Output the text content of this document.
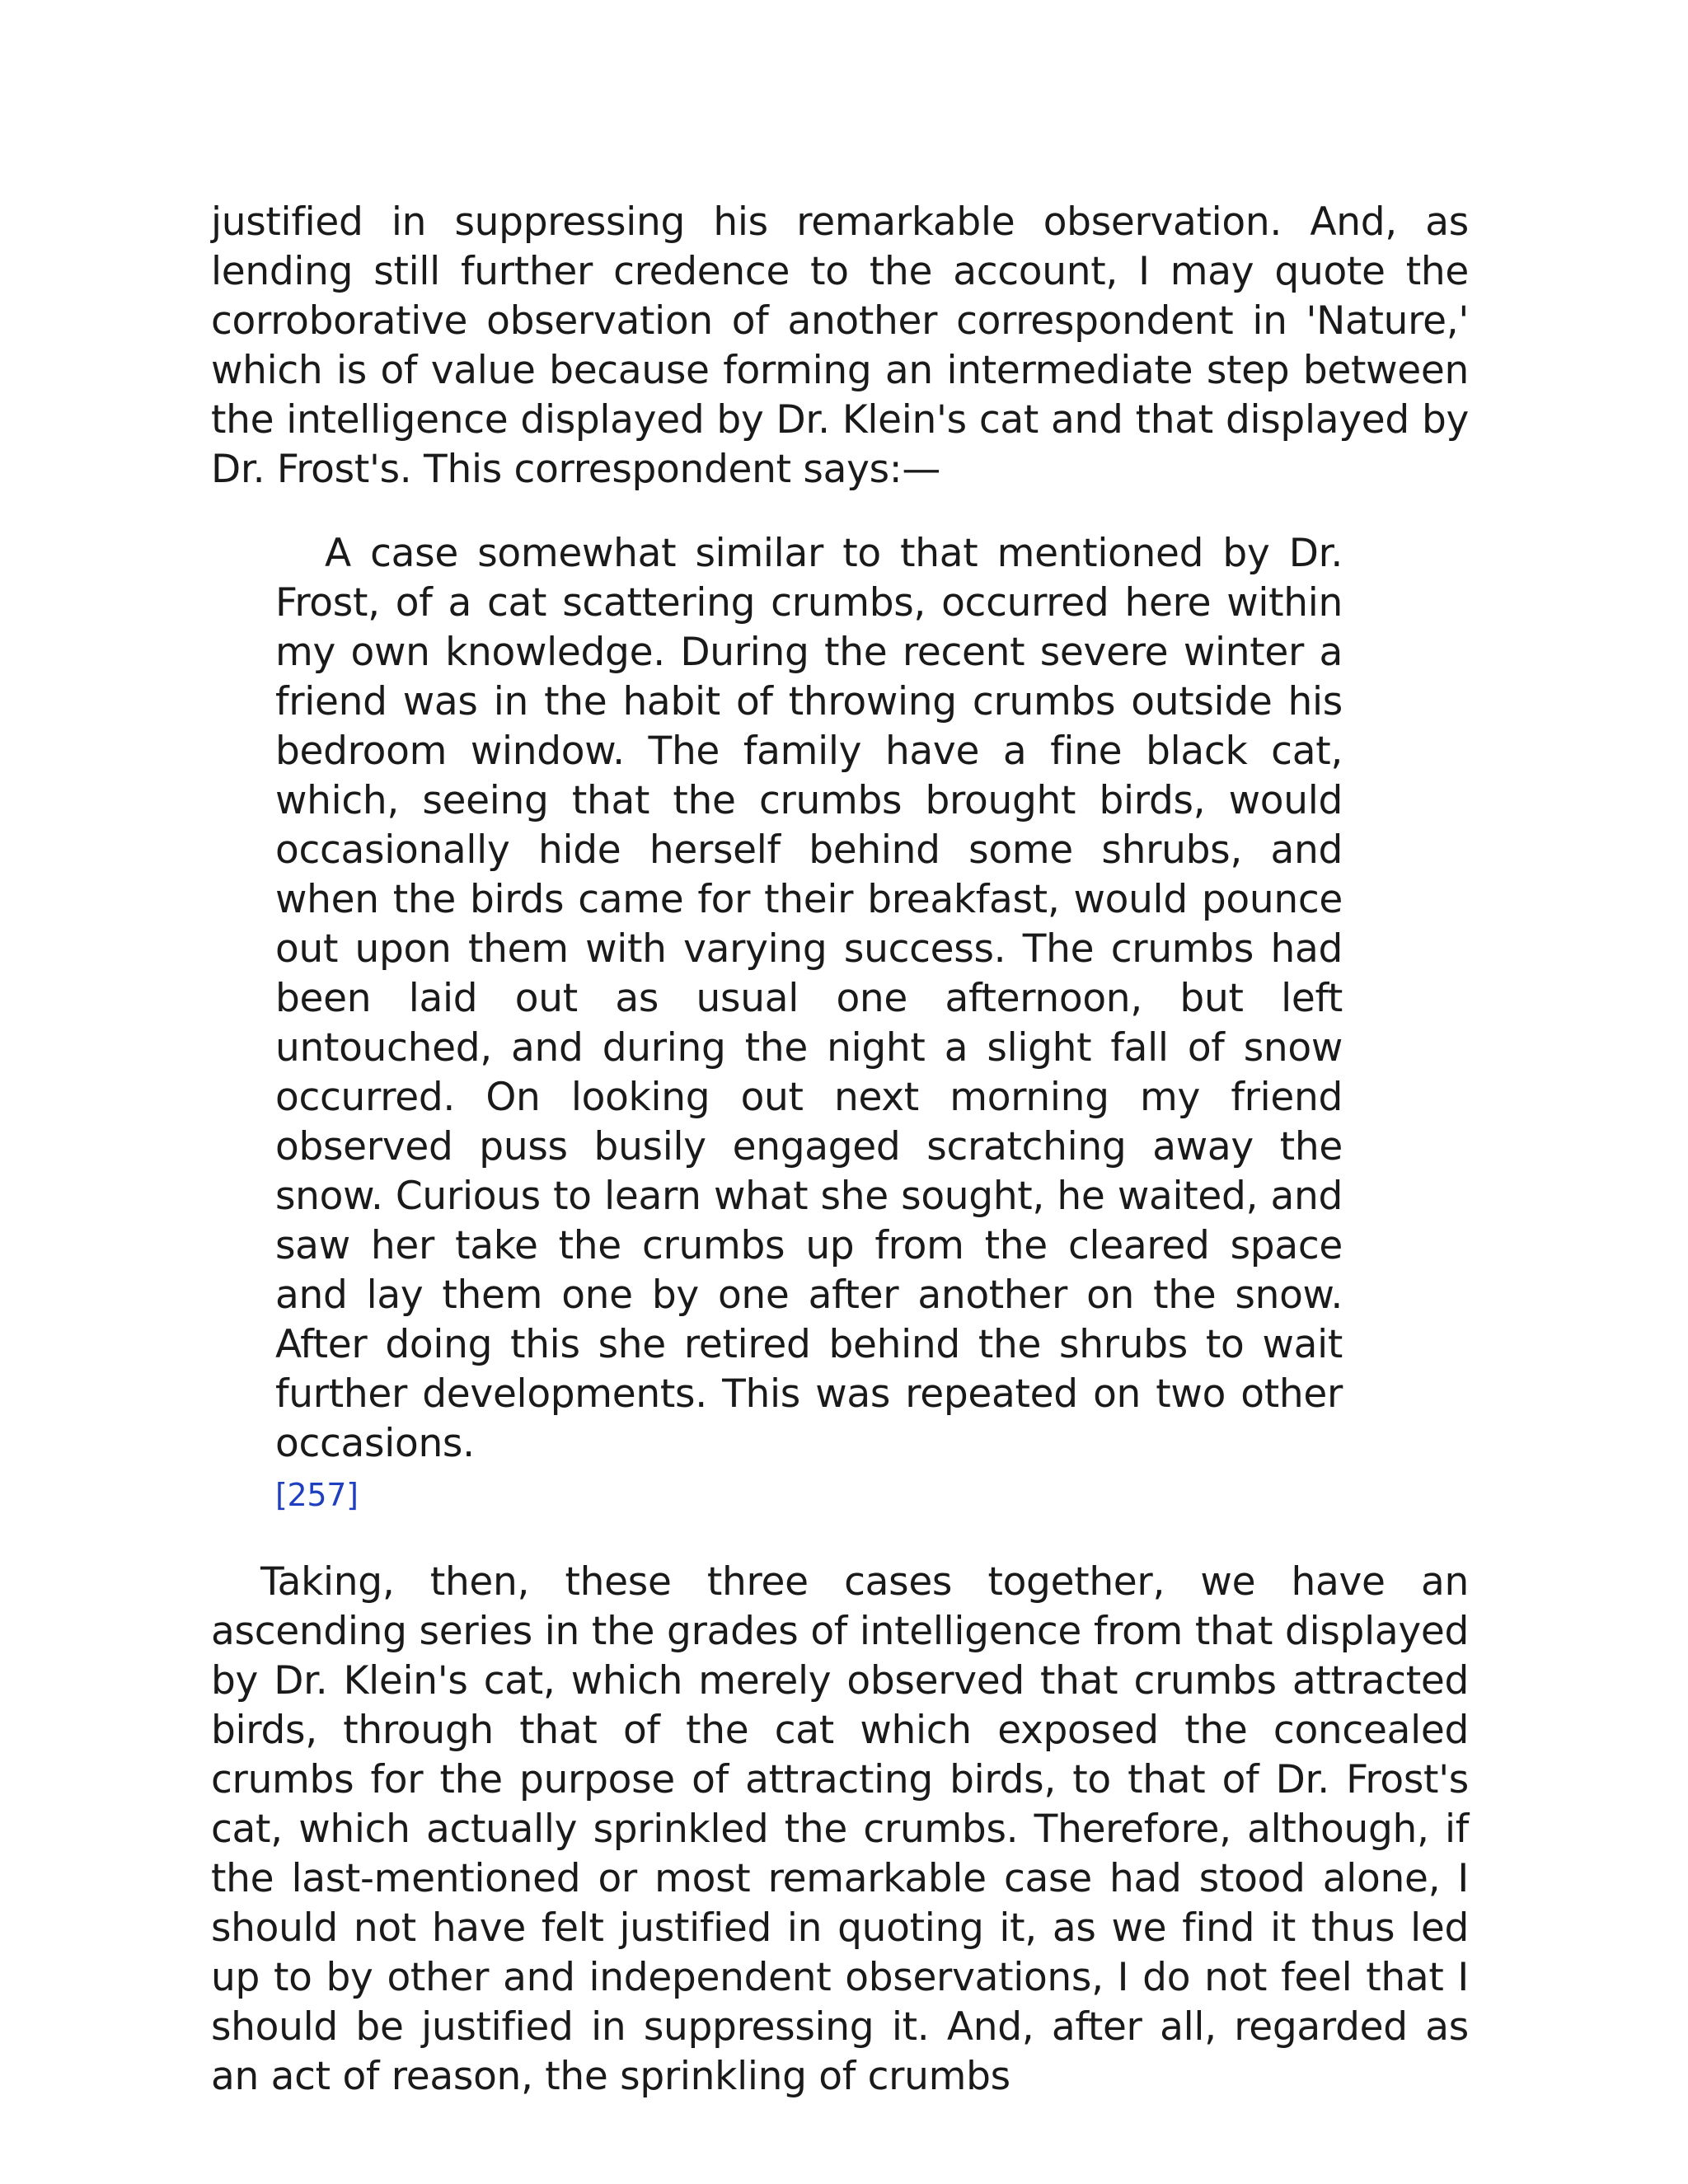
justified in suppressing his remarkable observation. And, as lending still further credence to the account, I may quote the corroborative observation of another correspondent in 'Nature,' which is of value because forming an intermediate step between the intelligence displayed by Dr. Klein's cat and that displayed by Dr. Frost's. This correspondent says:—

A case somewhat similar to that mentioned by Dr. Frost, of a cat scattering crumbs, occurred here within my own knowledge. During the recent severe winter a friend was in the habit of throwing crumbs outside his bedroom window. The family have a fine black cat, which, seeing that the crumbs brought birds, would occasionally hide herself behind some shrubs, and when the birds came for their breakfast, would pounce out upon them with varying success. The crumbs had been laid out as usual one afternoon, but left untouched, and during the night a slight fall of snow occurred. On looking out next morning my friend observed puss busily engaged scratching away the snow. Curious to learn what she sought, he waited, and saw her take the crumbs up from the cleared space and lay them one by one after another on the snow. After doing this she retired behind the shrubs to wait further developments. This was repeated on two other occasions.
[257]

Taking, then, these three cases together, we have an ascending series in the grades of intelligence from that displayed by Dr. Klein's cat, which merely observed that crumbs attracted birds, through that of the cat which exposed the concealed crumbs for the purpose of attracting birds, to that of Dr. Frost's cat, which actually sprinkled the crumbs. Therefore, although, if the last-mentioned or most remarkable case had stood alone, I should not have felt justified in quoting it, as we find it thus led up to by other and independent observations, I do not feel that I should be justified in suppressing it. And, after all, regarded as an act of reason, the sprinkling of crumbs
